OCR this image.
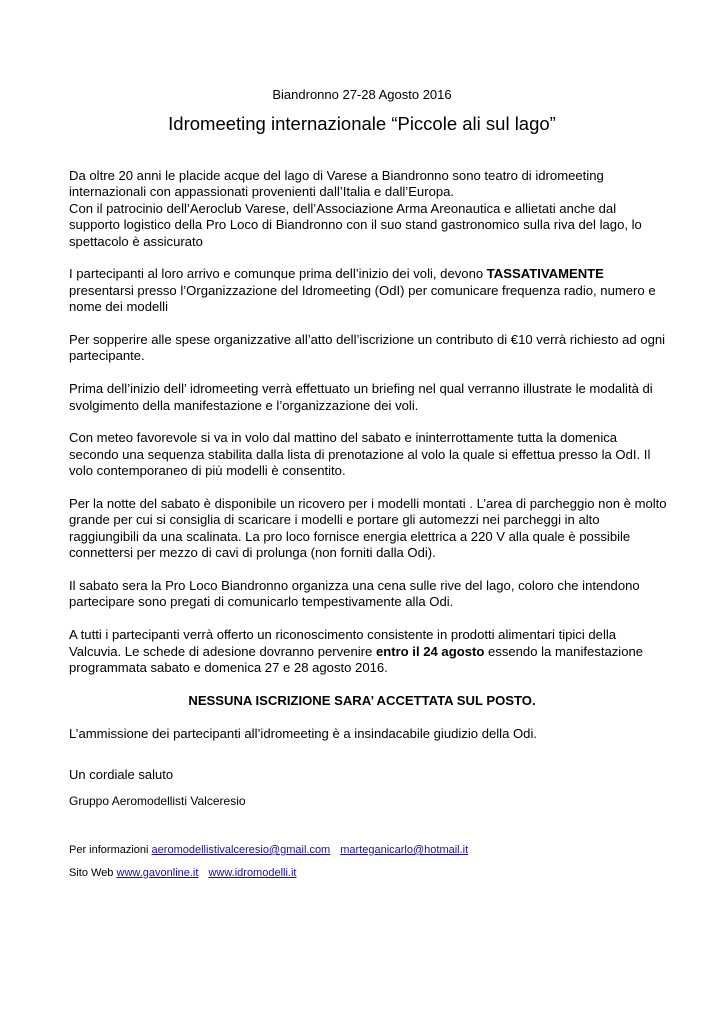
Biandronno 27-28 Agosto 2016
Idromeeting internazionale “Piccole ali sul lago”

Da oltre 20 anni le placide acque del lago di Varese a Biandronno sono teatro di idromeeting internazionali con appassionati provenienti dall’Italia e dall’Europa.
Con il patrocinio dell’Aeroclub Varese, dell’Associazione Arma Areonautica e allietati anche dal supporto logistico della Pro Loco di Biandronno con il suo stand gastronomico sulla riva del lago, lo spettacolo è assicurato

I partecipanti al loro arrivo e comunque prima dell’inizio dei voli, devono TASSATIVAMENTE presentarsi presso l’Organizzazione del Idromeeting (OdI) per comunicare frequenza radio, numero e nome dei modelli

Per sopperire alle spese organizzative all’atto dell’iscrizione un contributo di €10 verrà richiesto ad ogni partecipante.

Prima dell’inizio dell’ idromeeting verrà effettuato un briefing nel qual verranno illustrate le modalità di svolgimento della manifestazione e l’organizzazione dei voli.

Con meteo favorevole si va in volo dal mattino del sabato e ininterrottamente tutta la domenica secondo una sequenza stabilita dalla lista di prenotazione al volo la quale si effettua presso la OdI. Il volo contemporaneo di più modelli è consentito.

Per la notte del sabato è disponibile un ricovero per i modelli montati . L’area di parcheggio non è molto grande per cui si consiglia di scaricare i modelli e portare gli automezzi nei parcheggi in alto raggiungibili da una scalinata. La pro loco fornisce energia elettrica a 220 V alla quale è possibile connettersi per mezzo di cavi di prolunga (non forniti dalla Odi).

Il sabato sera la Pro Loco Biandronno organizza una cena sulle rive del lago, coloro che intendono partecipare sono pregati di comunicarlo tempestivamente alla Odi.

A tutti i partecipanti verrà offerto un riconoscimento consistente in prodotti alimentari tipici della Valcuvia. Le schede di adesione dovranno pervenire entro il 24 agosto essendo la manifestazione programmata sabato e domenica 27 e 28 agosto 2016.

NESSUNA ISCRIZIONE SARA’ ACCETTATA SUL POSTO.

L’ammissione dei partecipanti all’idromeeting è a insindacabile giudizio della Odi.

Un cordiale saluto
Gruppo Aeromodellisti Valceresio
Per informazioni aeromodellistivalceresio@gmail.com marteganicarlo@hotmail.it
Sito Web www.gavonline.it www.idromodelli.it
